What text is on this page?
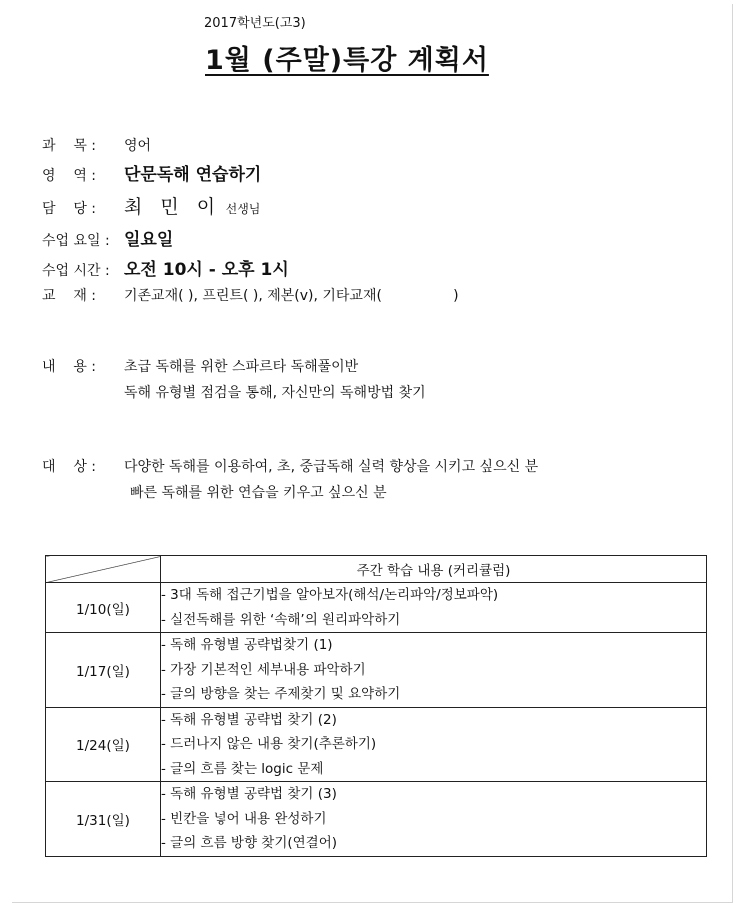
2017학년도(고3)
1월 (주말)특강 계획서
과    목 : 영어
영    역 : 단문독해 연습하기
담    당 : 최 민 이 선생님
수업 요일 : 일요일
수업 시간 : 오전 10시 - 오후 1시
교    재 : 기존교재( ), 프린트( ), 제본(v), 기타교재(                )
내    용 : 초급 독해를 위한 스파르타 독해풀이반
독해 유형별 점검을 통해, 자신만의 독해방법 찾기
대    상 : 다양한 독해를 이용하여, 초, 중급독해 실력 향상을 시키고 싶으신 분
빠른 독해를 위한 연습을 키우고 싶으신 분
	주간 학습 내용 (커리큘럼)
1/10(일)	- 3대 독해 접근기법을 알아보자(해석/논리파악/정보파악)
- 실전독해를 위한 ‘속해’의 원리파악하기

1/17(일)	- 독해 유형별 공략법찾기 (1)
- 가장 기본적인 세부내용 파악하기
- 글의 방향을 찾는 주제찾기 및 요약하기

1/24(일)	- 독해 유형별 공략법 찾기 (2)
- 드러나지 않은 내용 찾기(추론하기)
- 글의 흐름 찾는 logic 문제

1/31(일)	- 독해 유형별 공략법 찾기 (3)
- 빈칸을 넣어 내용 완성하기
- 글의 흐름 방향 찾기(연결어)
